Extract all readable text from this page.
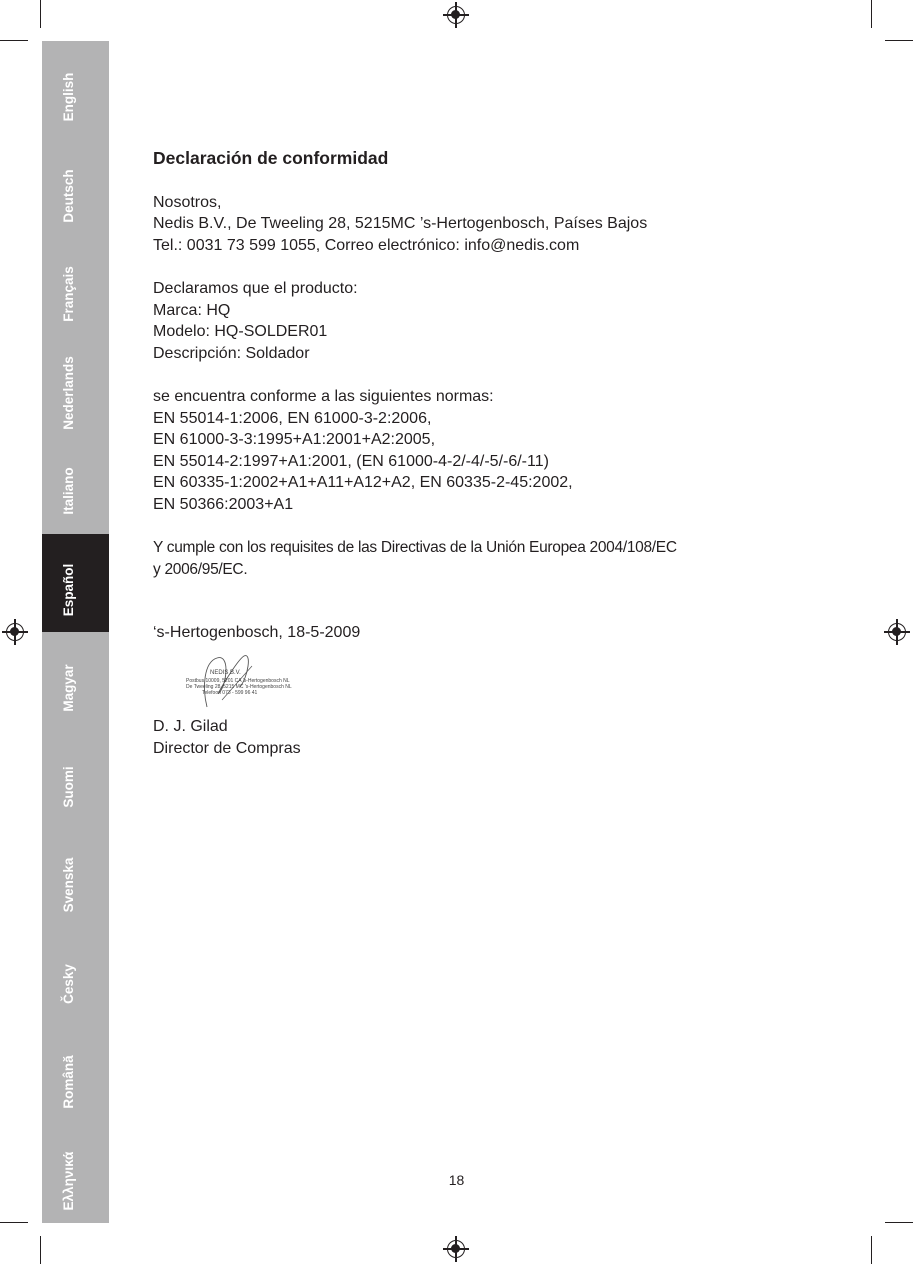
English
Deutsch
Français
Nederlands
Italiano
Español
Magyar
Suomi
Svenska
Česky
Română
Ελληνικά
Declaración de conformidad
Nosotros,
Nedis B.V., De Tweeling 28, 5215MC ’s-Hertogenbosch, Países Bajos
Tel.: 0031 73 599 1055, Correo electrónico: info@nedis.com
Declaramos que el producto:
Marca: HQ
Modelo: HQ-SOLDER01
Descripción: Soldador
se encuentra conforme a las siguientes normas:
EN 55014-1:2006, EN 61000-3-2:2006,
EN 61000-3-3:1995+A1:2001+A2:2005,
EN 55014-2:1997+A1:2001, (EN 61000-4-2/-4/-5/-6/-11)
EN 60335-1:2002+A1+A11+A12+A2, EN 60335-2-45:2002,
EN 50366:2003+A1
Y cumple con los requisites de las Directivas de la Unión Europea 2004/108/EC
y 2006/95/EC.
‘s-Hertogenbosch, 18-5-2009
NEDIS B.V.
Postbus 10009, 5201 CA 's-Hertogenbosch NL
De Tweeling 28, 5215 MC 's-Hertogenbosch NL
Telefoon 073 - 599 96 41
D. J. Gilad
Director de Compras
18
